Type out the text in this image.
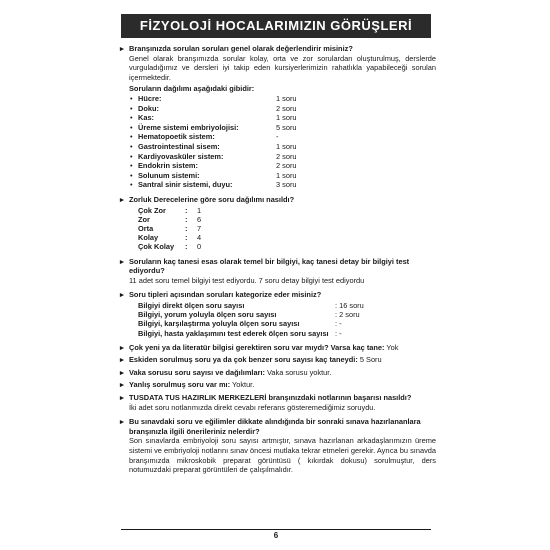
FİZYOLOJİ HOCALARIMIZIN GÖRÜŞLERİ
▸ Branşınızda sorulan soruları genel olarak değerlendirir misiniz?
Genel olarak branşımızda sorular kolay, orta ve zor sorulardan oluşturulmuş, derslerde vurguladığımız ve dersleri iyi takip eden kursiyerlerimizin rahatlıkla yapabileceği sorulan içermektedir.
Soruların dağılımı aşağıdaki gibidir:
• Hücre:	1 soru
• Doku:	2 soru
• Kas:	1 soru
• Üreme sistemi embriyolojisi:	5 soru
• Hematopoetik sistem:	-
• Gastrointestinal sisem:	1 soru
• Kardiyovasküler sistem:	2 soru
• Endokrin sistem:	2 soru
• Solunum sistemi:	1 soru
• Santral sinir sistemi, duyu:	3 soru
▸ Zorluk Derecelerine göre soru dağılımı nasıldı?
Çok Zor	:	1
Zor	:	6
Orta	:	7
Kolay	:	4
Çok Kolay	:	0
▸ Soruların kaç tanesi esas olarak temel bir bilgiyi, kaç tanesi detay bir bilgiyi test ediyordu?
11 adet soru temel bilgiyi test ediyordu. 7 soru detay bilgiyi test ediyordu
▸ Soru tipleri açısından soruları kategorize eder misiniz?
Bilgiyi direkt ölçen soru sayısı	: 16 soru
Bilgiyi, yorum yoluyla ölçen soru sayısı	: 2 soru
Bilgiyi, karşılaştırma yoluyla ölçen soru sayısı	: -
Bilgiyi, hasta yaklaşımını test ederek ölçen soru sayısı	: -
▸ Çok yeni ya da literatür bilgisi gerektiren soru var mıydı? Varsa kaç tane: Yok
▸ Eskiden sorulmuş soru ya da çok benzer soru sayısı kaç taneydi: 5 Soru
▸ Vaka sorusu soru sayısı ve dağılımları: Vaka sorusu yoktur.
▸ Yanlış sorulmuş soru var mı: Yoktur.
▸ TUSDATA TUS HAZIRLIK MERKEZLERİ branşınızdaki notlarının başarısı nasıldı?
İki adet soru notlarımızda direkt cevabı referans gösteremediğimiz soruydu.
▸ Bu sınavdaki soru ve eğilimler dikkate alındığında bir sonraki sınava hazırlananlara branşınızla ilgili önerileriniz nelerdir?
Son sınavlarda embriyoloji soru sayısı artmıştır, sınava hazırlanan arkadaşlarımızın üreme sistemi ve embriyoloji notlarını sınav öncesi mutlaka tekrar etmeleri gerekir. Ayrıca bu sınavda branşımızda mikroskobik preparat görüntüsü ( kıkırdak dokusu) sorulmuştur, ders notumuzdaki preparat görüntüleri de çalışılmalıdır.
6
